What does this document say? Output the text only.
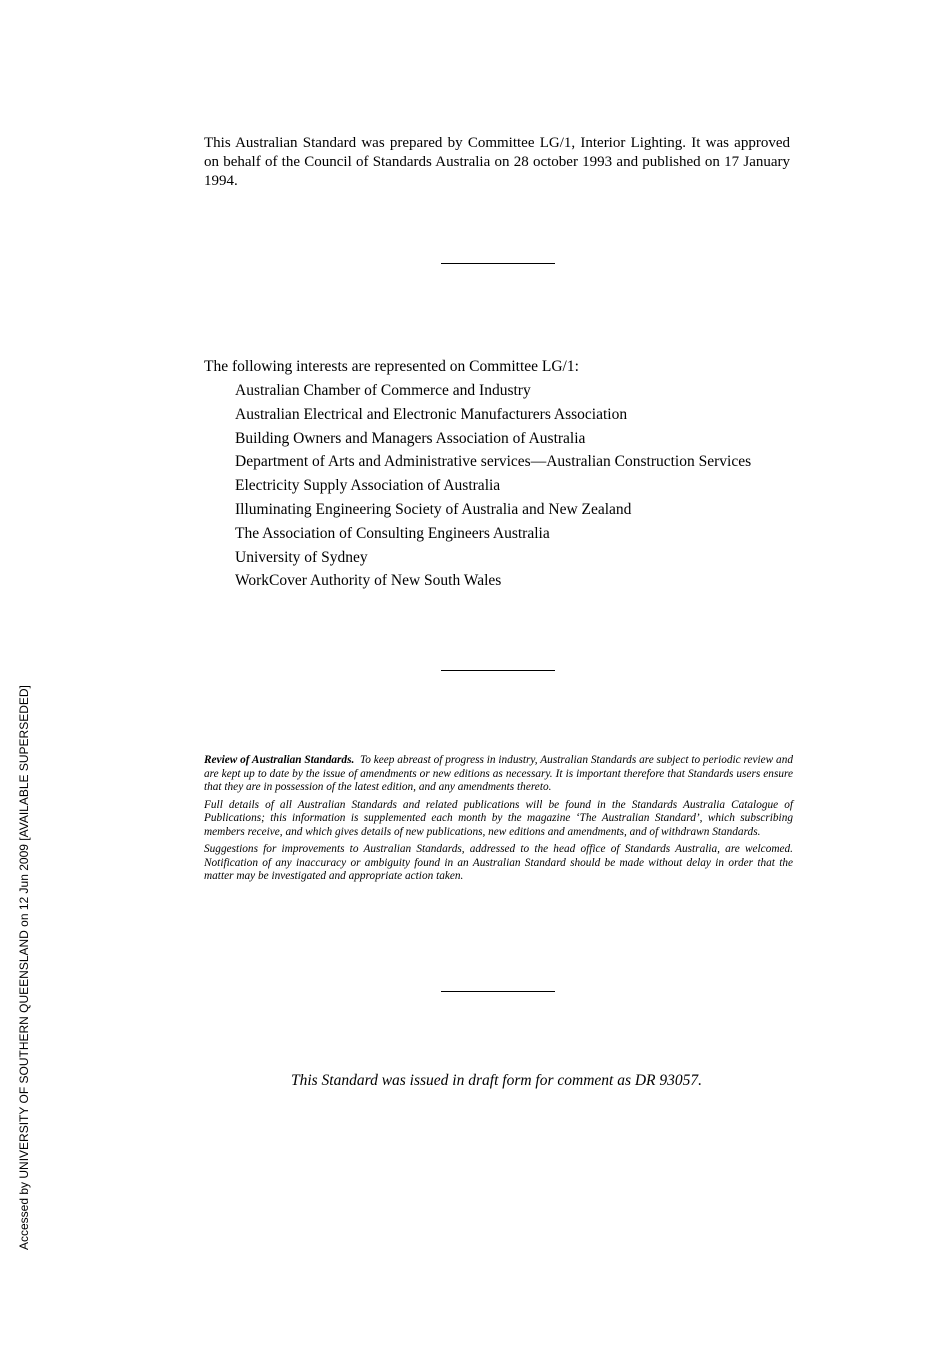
This Australian Standard was prepared by Committee LG/1, Interior Lighting. It was approved on behalf of the Council of Standards Australia on 28 october 1993 and published on 17 January 1994.

The following interests are represented on Committee LG/1:

Australian Chamber of Commerce and Industry
Australian Electrical and Electronic Manufacturers Association
Building Owners and Managers Association of Australia
Department of Arts and Administrative services—Australian Construction Services
Electricity Supply Association of Australia
Illuminating Engineering Society of Australia and New Zealand
The Association of Consulting Engineers Australia
University of Sydney
WorkCover Authority of New South Wales

Review of Australian Standards. To keep abreast of progress in industry, Australian Standards are subject to periodic review and are kept up to date by the issue of amendments or new editions as necessary. It is important therefore that Standards users ensure that they are in possession of the latest edition, and any amendments thereto.

Full details of all Australian Standards and related publications will be found in the Standards Australia Catalogue of Publications; this information is supplemented each month by the magazine ‘The Australian Standard’, which subscribing members receive, and which gives details of new publications, new editions and amendments, and of withdrawn Standards.

Suggestions for improvements to Australian Standards, addressed to the head office of Standards Australia, are welcomed. Notification of any inaccuracy or ambiguity found in an Australian Standard should be made without delay in order that the matter may be investigated and appropriate action taken.

This Standard was issued in draft form for comment as DR 93057.

Accessed by UNIVERSITY OF SOUTHERN QUEENSLAND on 12 Jun 2009 [AVAILABLE SUPERSEDED]
